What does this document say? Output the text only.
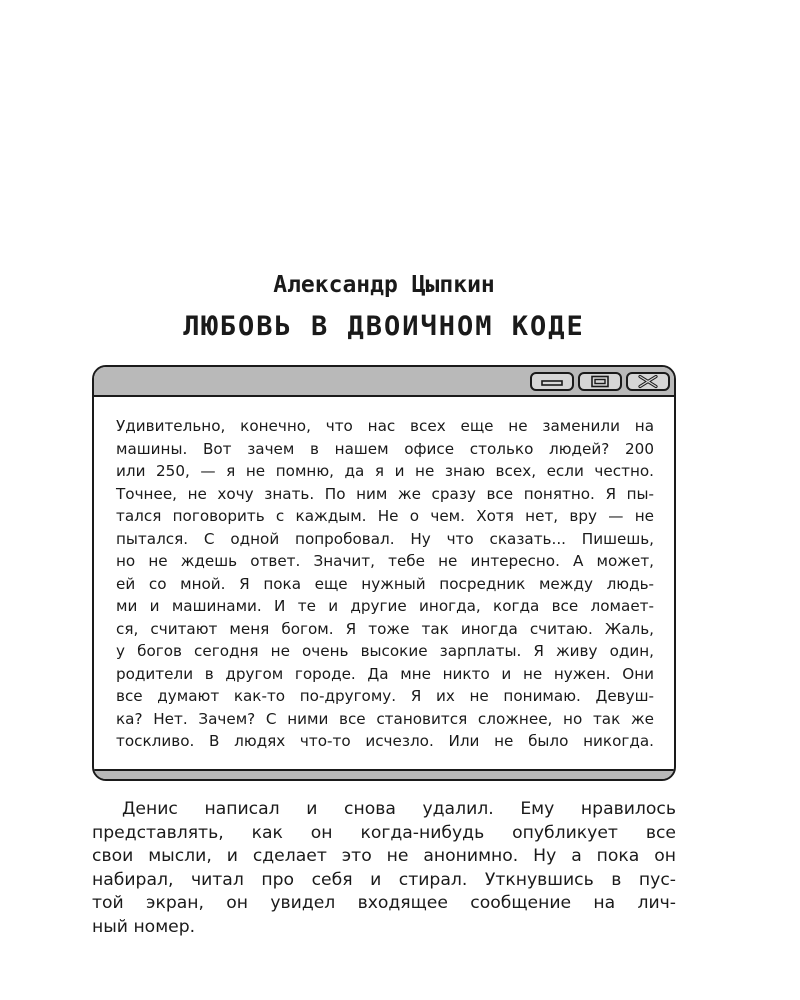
Александр Цыпкин
ЛЮБОВЬ В ДВОИЧНОМ КОДЕ
Удивительно, конечно, что нас всех еще не заменили на
машины. Вот зачем в нашем офисе столько людей? 200
или 250, — я не помню, да я и не знаю всех, если честно.
Точнее, не хочу знать. По ним же сразу все понятно. Я пы-
тался поговорить с каждым. Не о чем. Хотя нет, вру — не
пытался. С одной попробовал. Ну что сказать... Пишешь,
но не ждешь ответ. Значит, тебе не интересно. А может,
ей со мной. Я пока еще нужный посредник между людь-
ми и машинами. И те и другие иногда, когда все ломает-
ся, считают меня богом. Я тоже так иногда считаю. Жаль,
у богов сегодня не очень высокие зарплаты. Я живу один,
родители в другом городе. Да мне никто и не нужен. Они
все думают как-то по-другому. Я их не понимаю. Девуш-
ка? Нет. Зачем? С ними все становится сложнее, но так же
тоскливо. В людях что-то исчезло. Или не было никогда.
Денис написал и снова удалил. Ему нравилось
представлять, как он когда-нибудь опубликует все
свои мысли, и сделает это не анонимно. Ну а пока он
набирал, читал про себя и стирал. Уткнувшись в пус-
той экран, он увидел входящее сообщение на лич-
ный номер.
